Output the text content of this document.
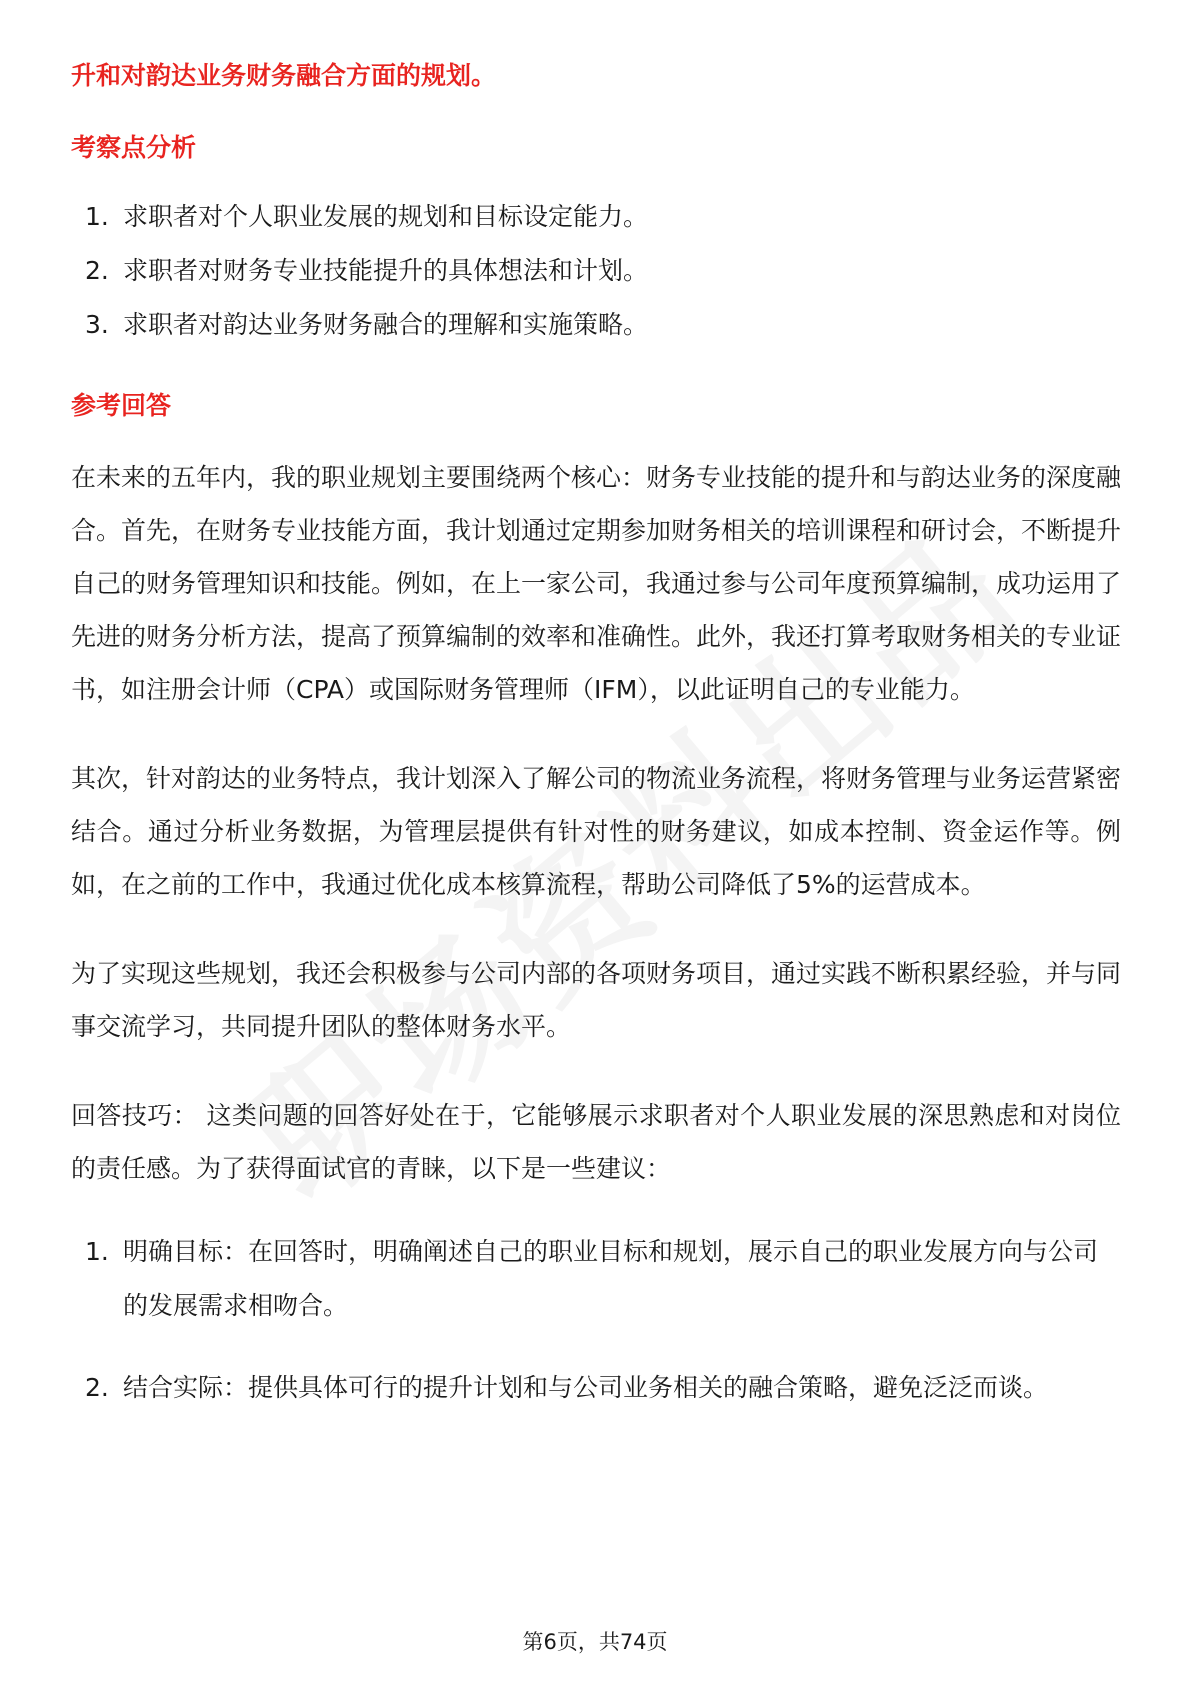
升和对韵达业务财务融合方面的规划。
考察点分析
1. 求职者对个人职业发展的规划和目标设定能力。
2. 求职者对财务专业技能提升的具体想法和计划。
3. 求职者对韵达业务财务融合的理解和实施策略。
参考回答

在未来的五年内，我的职业规划主要围绕两个核心：财务专业技能的提升和与韵达业务的深度融合。首先，在财务专业技能方面，我计划通过定期参加财务相关的培训课程和研讨会，不断提升自己的财务管理知识和技能。例如，在上一家公司，我通过参与公司年度预算编制，成功运用了先进的财务分析方法，提高了预算编制的效率和准确性。此外，我还打算考取财务相关的专业证书，如注册会计师（CPA）或国际财务管理师（IFM），以此证明自己的专业能力。

其次，针对韵达的业务特点，我计划深入了解公司的物流业务流程，将财务管理与业务运营紧密结合。通过分析业务数据，为管理层提供有针对性的财务建议，如成本控制、资金运作等。例如，在之前的工作中，我通过优化成本核算流程，帮助公司降低了5%的运营成本。

为了实现这些规划，我还会积极参与公司内部的各项财务项目，通过实践不断积累经验，并与同事交流学习，共同提升团队的整体财务水平。

回答技巧： 这类问题的回答好处在于，它能够展示求职者对个人职业发展的深思熟虑和对岗位的责任感。为了获得面试官的青睐，以下是一些建议：

1. 明确目标：在回答时，明确阐述自己的职业目标和规划，展示自己的职业发展方向与公司的发展需求相吻合。
2. 结合实际：提供具体可行的提升计划和与公司业务相关的融合策略，避免泛泛而谈。
第6页，共74页
